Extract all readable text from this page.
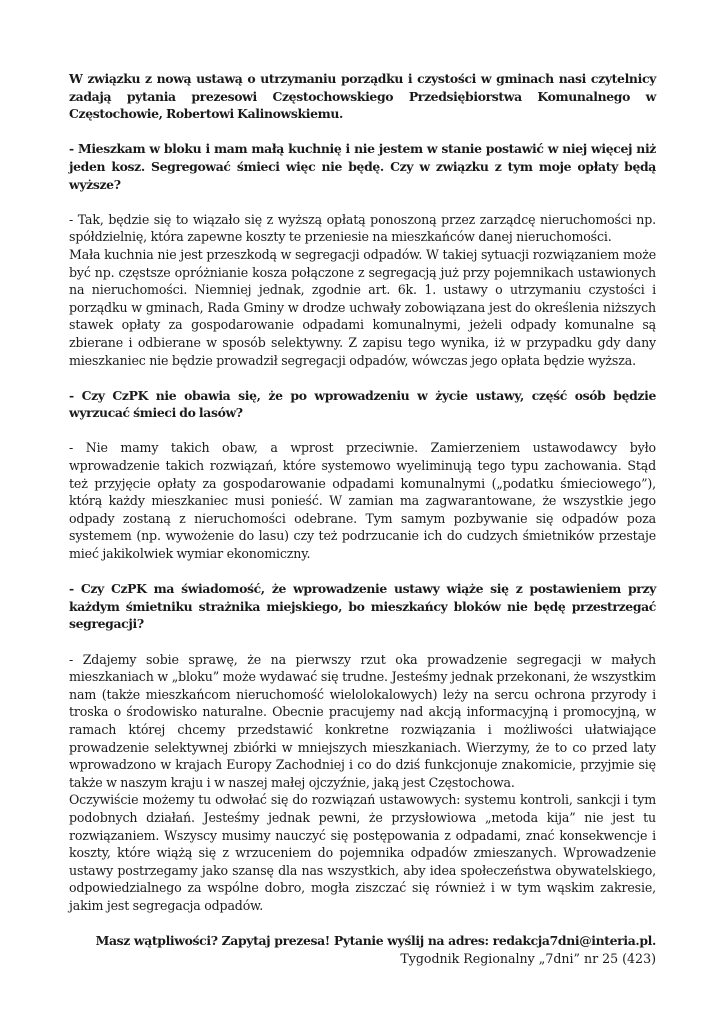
W związku z nową ustawą o utrzymaniu porządku i czystości w gminach nasi czytelnicy zadają pytania prezesowi Częstochowskiego Przedsiębiorstwa Komunalnego w Częstochowie, Robertowi Kalinowskiemu.

- Mieszkam w bloku i mam małą kuchnię i nie jestem w stanie postawić w niej więcej niż jeden kosz. Segregować śmieci więc nie będę. Czy w związku z tym moje opłaty będą wyższe?

- Tak, będzie się to wiązało się z wyższą opłatą ponoszoną przez zarządcę nieruchomości np. spółdzielnię, która zapewne koszty te przeniesie na mieszkańców danej nieruchomości.

Mała kuchnia nie jest przeszkodą w segregacji odpadów. W takiej sytuacji rozwiązaniem może być np. częstsze opróżnianie kosza połączone z segregacją już przy pojemnikach ustawionych na nieruchomości. Niemniej jednak, zgodnie art. 6k. 1. ustawy o utrzymaniu czystości i porządku w gminach, Rada Gminy w drodze uchwały zobowiązana jest do określenia niższych stawek opłaty za gospodarowanie odpadami komunalnymi, jeżeli odpady komunalne są zbierane i odbierane w sposób selektywny. Z zapisu tego wynika, iż w przypadku gdy dany mieszkaniec nie będzie prowadził segregacji odpadów, wówczas jego opłata będzie wyższa.

- Czy CzPK nie obawia się, że po wprowadzeniu w życie ustawy, część osób będzie wyrzucać śmieci do lasów?

- Nie mamy takich obaw, a wprost przeciwnie. Zamierzeniem ustawodawcy było wprowadzenie takich rozwiązań, które systemowo wyeliminują tego typu zachowania. Stąd też przyjęcie opłaty za gospodarowanie odpadami komunalnymi („podatku śmieciowego”), którą każdy mieszkaniec musi ponieść. W zamian ma zagwarantowane, że wszystkie jego odpady zostaną z nieruchomości odebrane. Tym samym pozbywanie się odpadów poza systemem (np. wywożenie do lasu) czy też podrzucanie ich do cudzych śmietników przestaje mieć jakikolwiek wymiar ekonomiczny.

- Czy CzPK ma świadomość, że wprowadzenie ustawy wiąże się z postawieniem przy każdym śmietniku strażnika miejskiego, bo mieszkańcy bloków nie będę przestrzegać segregacji?

- Zdajemy sobie sprawę, że na pierwszy rzut oka prowadzenie segregacji w małych mieszkaniach w „bloku” może wydawać się trudne. Jesteśmy jednak przekonani, że wszystkim nam (także mieszkańcom nieruchomość wielolokalowych) leży na sercu ochrona przyrody i troska o środowisko naturalne. Obecnie pracujemy nad akcją informacyjną i promocyjną, w ramach której chcemy przedstawić konkretne rozwiązania i możliwości ułatwiające prowadzenie selektywnej zbiórki w mniejszych mieszkaniach. Wierzymy, że to co przed laty wprowadzono w krajach Europy Zachodniej i co do dziś funkcjonuje znakomicie, przyjmie się także w naszym kraju i w naszej małej ojczyźnie, jaką jest Częstochowa.

Oczywiście możemy tu odwołać się do rozwiązań ustawowych: systemu kontroli, sankcji i tym podobnych działań. Jesteśmy jednak pewni, że przysłowiowa „metoda kija” nie jest tu rozwiązaniem. Wszyscy musimy nauczyć się postępowania z odpadami, znać konsekwencje i koszty, które wiążą się z wrzuceniem do pojemnika odpadów zmieszanych. Wprowadzenie ustawy postrzegamy jako szansę dla nas wszystkich, aby idea społeczeństwa obywatelskiego, odpowiedzialnego za wspólne dobro, mogła ziszczać się również i w tym wąskim zakresie, jakim jest segregacja odpadów.

Masz wątpliwości? Zapytaj prezesa! Pytanie wyślij na adres: redakcja7dni@interia.pl.
Tygodnik Regionalny „7dni” nr 25 (423)
